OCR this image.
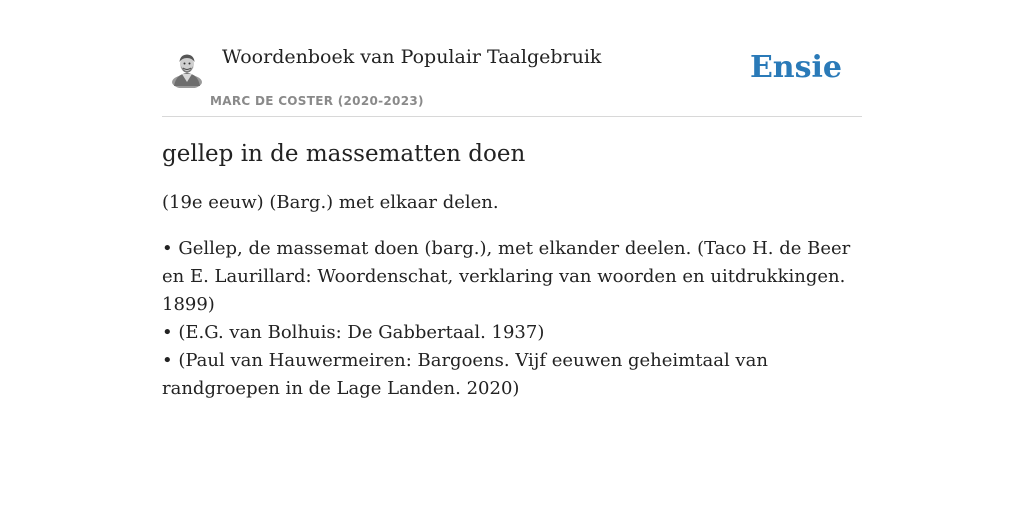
Woordenboek van Populair Taalgebruik
MARC DE COSTER (2020-2023)
Ensie
gellep in de massematten doen

(19e eeuw) (Barg.) met elkaar delen.

• Gellep, de massemat doen (barg.), met elkander deelen. (Taco H. de Beer en E. Laurillard: Woordenschat, verklaring van woorden en uitdrukkingen. 1899)
• (E.G. van Bolhuis: De Gabbertaal. 1937)
• (Paul van Hauwermeiren: Bargoens. Vijf eeuwen geheimtaal van randgroepen in de Lage Landen. 2020)
